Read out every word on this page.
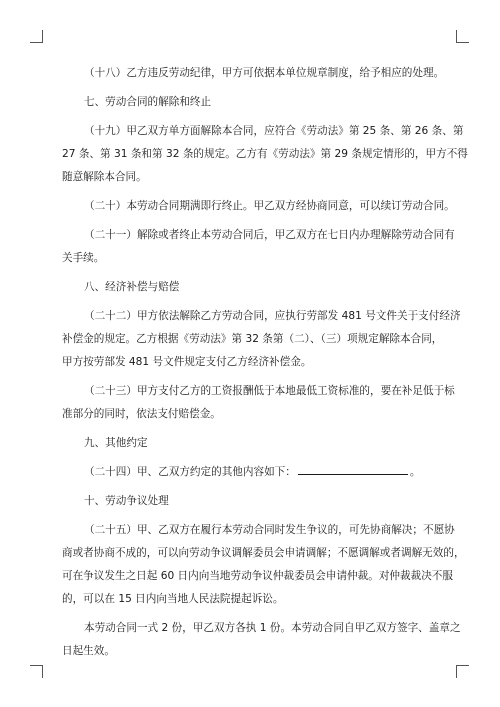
（十八）乙方违反劳动纪律，甲方可依据本单位规章制度，给予相应的处理。
七、劳动合同的解除和终止
（十九）甲乙双方单方面解除本合同，应符合《劳动法》第 25 条、第 26 条、第
27 条、第 31 条和第 32 条的规定。乙方有《劳动法》第 29 条规定情形的，甲方不得
随意解除本合同。
（二十）本劳动合同期满即行终止。甲乙双方经协商同意，可以续订劳动合同。
（二十一）解除或者终止本劳动合同后，甲乙双方在七日内办理解除劳动合同有
关手续。
八、经济补偿与赔偿
（二十二）甲方依法解除乙方劳动合同，应执行劳部发 481 号文件关于支付经济
补偿金的规定。乙方根据《劳动法》第 32 条第（二）、（三）项规定解除本合同，
甲方按劳部发 481 号文件规定支付乙方经济补偿金。
（二十三）甲方支付乙方的工资报酬低于本地最低工资标准的，要在补足低于标
准部分的同时，依法支付赔偿金。
九、其他约定
（二十四）甲、乙双方约定的其他内容如下：	。
十、劳动争议处理
（二十五）甲、乙双方在履行本劳动合同时发生争议的，可先协商解决；不愿协
商或者协商不成的，可以向劳动争议调解委员会申请调解；不愿调解或者调解无效的，
可在争议发生之日起 60 日内向当地劳动争议仲裁委员会申请仲裁。对仲裁裁决不服
的，可以在 15 日内向当地人民法院提起诉讼。
本劳动合同一式 2 份，甲乙双方各执 1 份。本劳动合同自甲乙双方签字、盖章之
日起生效。
